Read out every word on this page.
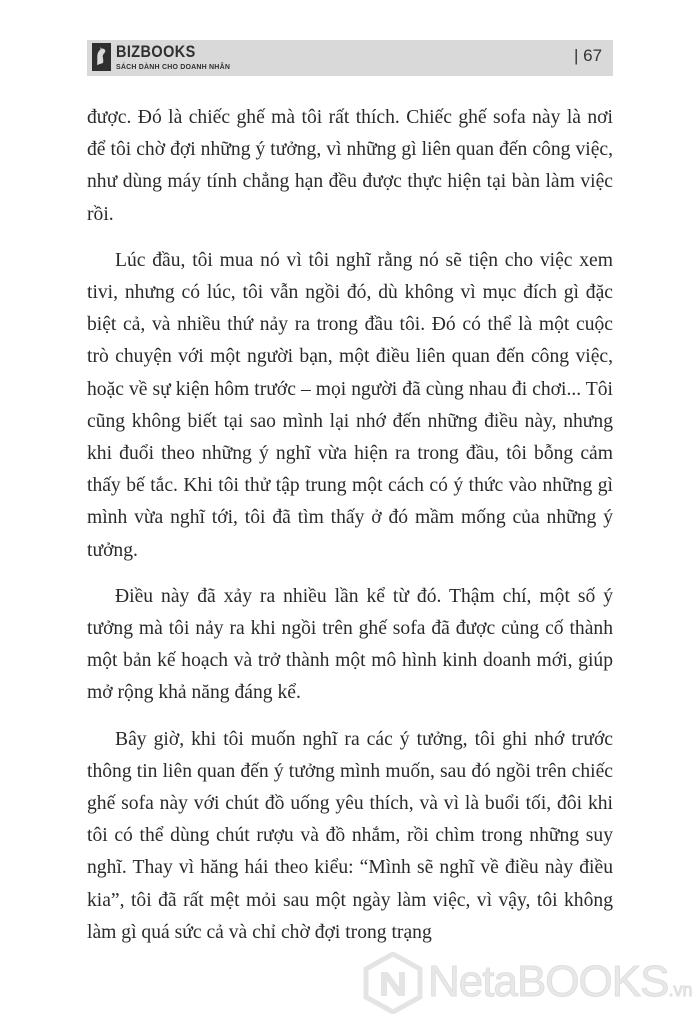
BIZBOOKS
SÁCH DÀNH CHO DOANH NHÂN
| 67

được. Đó là chiếc ghế mà tôi rất thích. Chiếc ghế sofa này là nơi để tôi chờ đợi những ý tưởng, vì những gì liên quan đến công việc, như dùng máy tính chẳng hạn đều được thực hiện tại bàn làm việc rồi.

Lúc đầu, tôi mua nó vì tôi nghĩ rằng nó sẽ tiện cho việc xem tivi, nhưng có lúc, tôi vẫn ngồi đó, dù không vì mục đích gì đặc biệt cả, và nhiều thứ nảy ra trong đầu tôi. Đó có thể là một cuộc trò chuyện với một người bạn, một điều liên quan đến công việc, hoặc về sự kiện hôm trước – mọi người đã cùng nhau đi chơi... Tôi cũng không biết tại sao mình lại nhớ đến những điều này, nhưng khi đuổi theo những ý nghĩ vừa hiện ra trong đầu, tôi bỗng cảm thấy bế tắc. Khi tôi thử tập trung một cách có ý thức vào những gì mình vừa nghĩ tới, tôi đã tìm thấy ở đó mầm mống của những ý tưởng.

Điều này đã xảy ra nhiều lần kể từ đó. Thậm chí, một số ý tưởng mà tôi nảy ra khi ngồi trên ghế sofa đã được củng cố thành một bản kế hoạch và trở thành một mô hình kinh doanh mới, giúp mở rộng khả năng đáng kể.

Bây giờ, khi tôi muốn nghĩ ra các ý tưởng, tôi ghi nhớ trước thông tin liên quan đến ý tưởng mình muốn, sau đó ngồi trên chiếc ghế sofa này với chút đồ uống yêu thích, và vì là buổi tối, đôi khi tôi có thể dùng chút rượu và đồ nhắm, rồi chìm trong những suy nghĩ. Thay vì hăng hái theo kiểu: “Mình sẽ nghĩ về điều này điều kia”, tôi đã rất mệt mỏi sau một ngày làm việc, vì vậy, tôi không làm gì quá sức cả và chỉ chờ đợi trong trạng

NetaBOOKS.vn
